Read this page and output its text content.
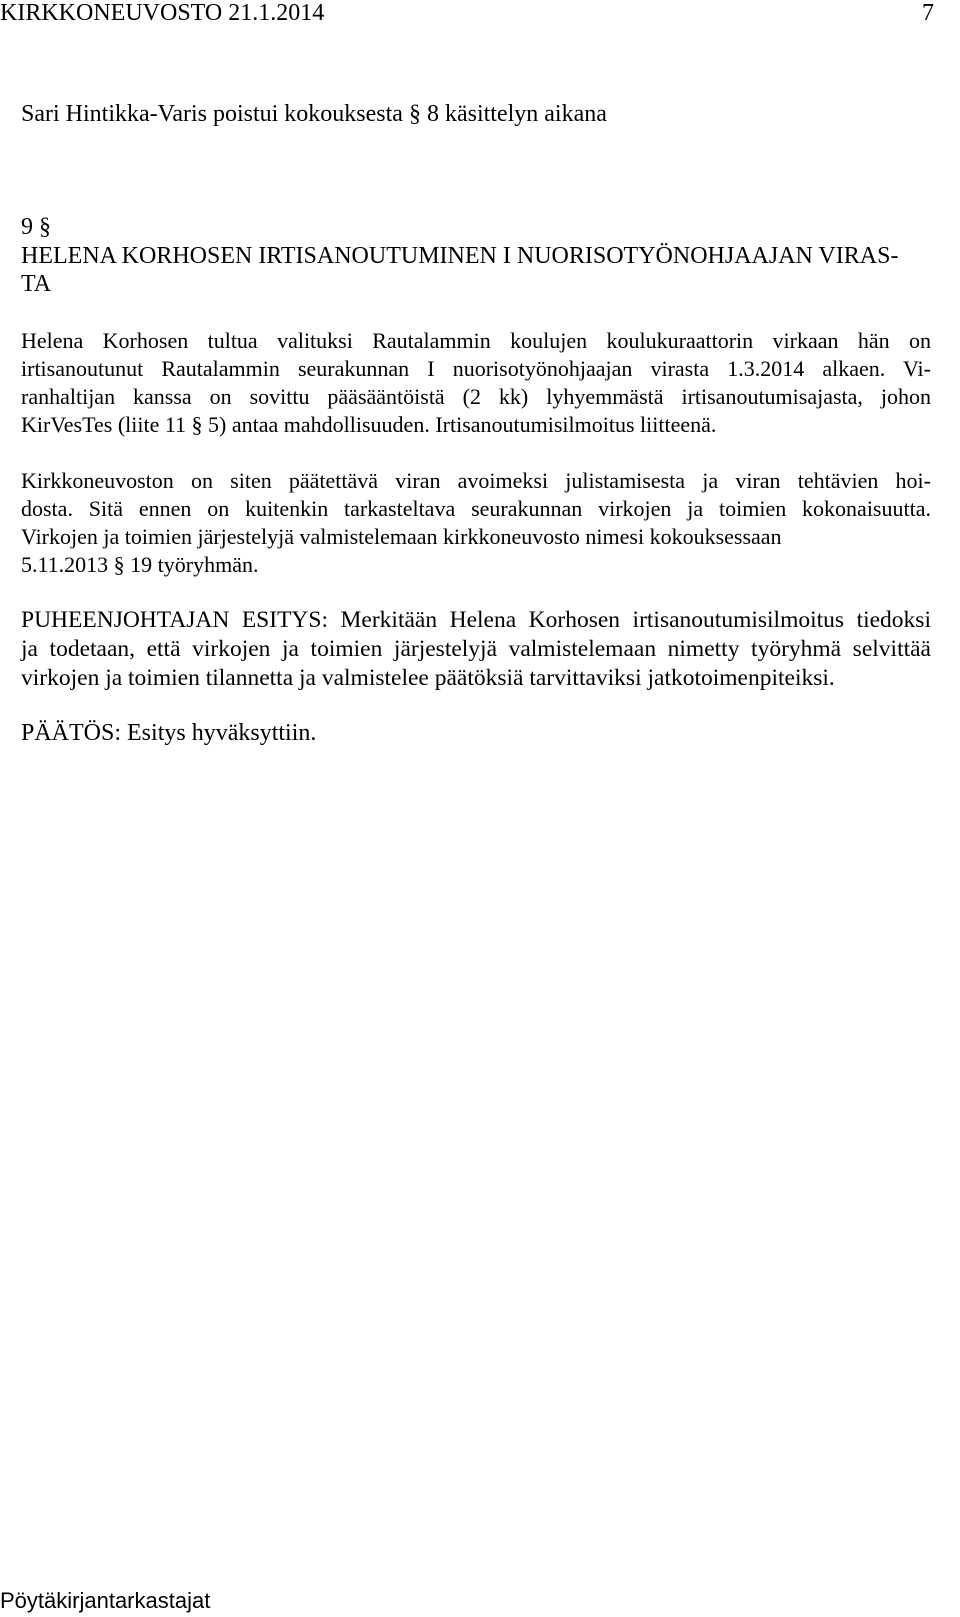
KIRKKONEUVOSTO 21.1.2014	7
Sari Hintikka-Varis poistui kokouksesta § 8 käsittelyn aikana
9 §
HELENA KORHOSEN IRTISANOUTUMINEN I NUORISOTYÖNOHJAAJAN VIRAS-
TA
Helena Korhosen tultua valituksi Rautalammin koulujen koulukuraattorin virkaan hän on
irtisanoutunut Rautalammin seurakunnan I nuorisotyönohjaajan virasta 1.3.2014 alkaen. Vi-
ranhaltijan kanssa on sovittu pääsääntöistä (2 kk) lyhyemmästä irtisanoutumisajasta, johon
KirVesTes (liite 11 § 5) antaa mahdollisuuden. Irtisanoutumisilmoitus liitteenä.
Kirkkoneuvoston on siten päätettävä viran avoimeksi julistamisesta ja viran tehtävien hoi-
dosta. Sitä ennen on kuitenkin tarkasteltava seurakunnan virkojen ja toimien kokonaisuutta.
Virkojen ja toimien järjestelyjä valmistelemaan kirkkoneuvosto nimesi kokouksessaan
5.11.2013 § 19 työryhmän.
PUHEENJOHTAJAN ESITYS: Merkitään Helena Korhosen irtisanoutumisilmoitus tiedoksi
ja todetaan, että virkojen ja toimien järjestelyjä valmistelemaan nimetty työryhmä selvittää
virkojen ja toimien tilannetta ja valmistelee päätöksiä tarvittaviksi jatkotoimenpiteiksi.
PÄÄTÖS: Esitys hyväksyttiin.
Pöytäkirjantarkastajat
